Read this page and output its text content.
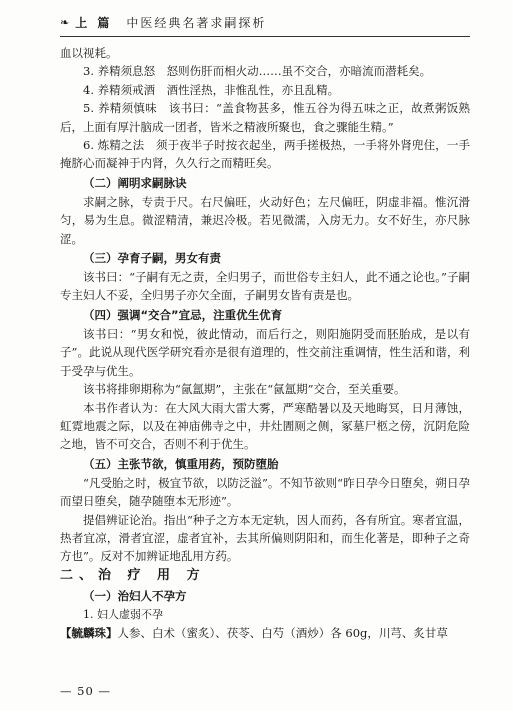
❧ 上 篇 中医经典名著求嗣探析

血以视耗。

3. 养精须息怒　怒则伤肝而相火动……虽不交合，亦暗流而潜耗矣。

4. 养精须戒酒　酒性淫热，非惟乱性，亦且乱精。

5. 养精须慎味　该书曰：“盖食物甚多，惟五谷为得五味之正，故煮粥饭熟后，上面有厚汁脑成一团者，皆米之精液所聚也，食之骤能生精。”

6. 炼精之法　须于夜半子时按衣起坐，两手搓极热，一手将外肾兜住，一手掩脐心而凝神于内肾，久久行之而精旺矣。

（二）阐明求嗣脉诀

求嗣之脉，专责于尺。右尺偏旺，火动好色；左尺偏旺，阴虚非福。惟沉滑匀，易为生息。微涩精清，兼迟冷极。若见微濡，入房无力。女不好生，亦尺脉涩。

（三）孕育子嗣，男女有责

该书曰：“子嗣有无之责，全归男子，而世俗专主妇人，此不通之论也。”子嗣专主妇人不妥，全归男子亦欠全面，子嗣男女皆有责是也。

（四）强调“交合”宜忌，注重优生优育

该书曰：“男女和悦，彼此情动，而后行之，则阳施阴受而胚胎成，是以有子”。此说从现代医学研究看亦是很有道理的，性交前注重调情，性生活和谐，利于受孕与优生。

该书将排卵期称为“氤氲期”，主张在“氤氲期”交合，至关重要。

本书作者认为：在大风大雨大雷大雾，严寒酷暑以及天地晦冥，日月薄蚀，虹霓地震之际，以及在神庙佛寺之中，井灶圊厕之侧，冢墓尸柩之傍，沉阴危险之地，皆不可交合，否则不利于优生。

（五）主张节欲，慎重用药，预防堕胎

“凡受胎之时，极宜节欲，以防泛溢”。不知节欲则“昨日孕今日堕矣，朔日孕而望日堕矣，随孕随堕本无形迹”。

提倡辨证论治。指出“种子之方本无定轨，因人而药，各有所宜。寒者宜温，热者宜凉，滑者宜涩，虚者宜补，去其所偏则阴阳和，而生化著是，即种子之奇方也”。反对不加辨证地乱用方药。

二、治 疗 用 方

（一）治妇人不孕方

1. 妇人虚弱不孕

【毓麟珠】人参、白术（蜜炙）、茯苓、白芍（酒炒）各 60g，川芎、炙甘草

— 50 —
